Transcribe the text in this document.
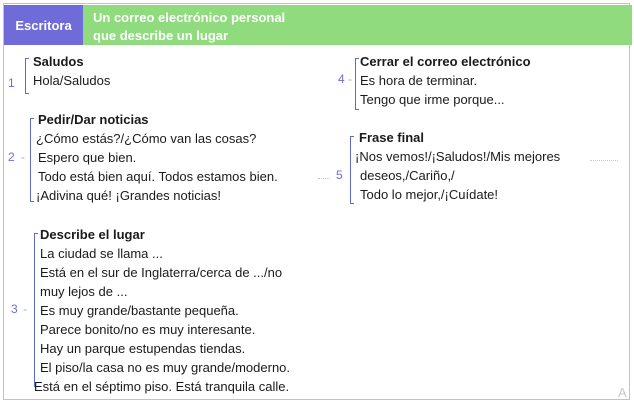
Escritora Un correo electrónico personal
que describe un lugar
1
Saludos
Hola/Saludos
2 -
Pedir/Dar noticias
¿Cómo estás?/¿Cómo van las cosas?
Espero que bien.
Todo está bien aquí. Todos estamos bien.
¡Adivina qué! ¡Grandes noticias!
3 -
Describe el lugar
La ciudad se llama ...
Está en el sur de Inglaterra/cerca de .../no
muy lejos de ...
Es muy grande/bastante pequeña.
Parece bonito/no es muy interesante.
Hay un parque estupendas tiendas.
El piso/la casa no es muy grande/moderno.
Está en el séptimo piso. Está tranquila calle.
4 -
Cerrar el correo electrónico
Es hora de terminar.
Tengo que irme porque...
5
Frase final
¡Nos vemos!/¡Saludos!/Mis mejores
deseos,/Cariño,/
Todo lo mejor,/¡Cuídate!
A
